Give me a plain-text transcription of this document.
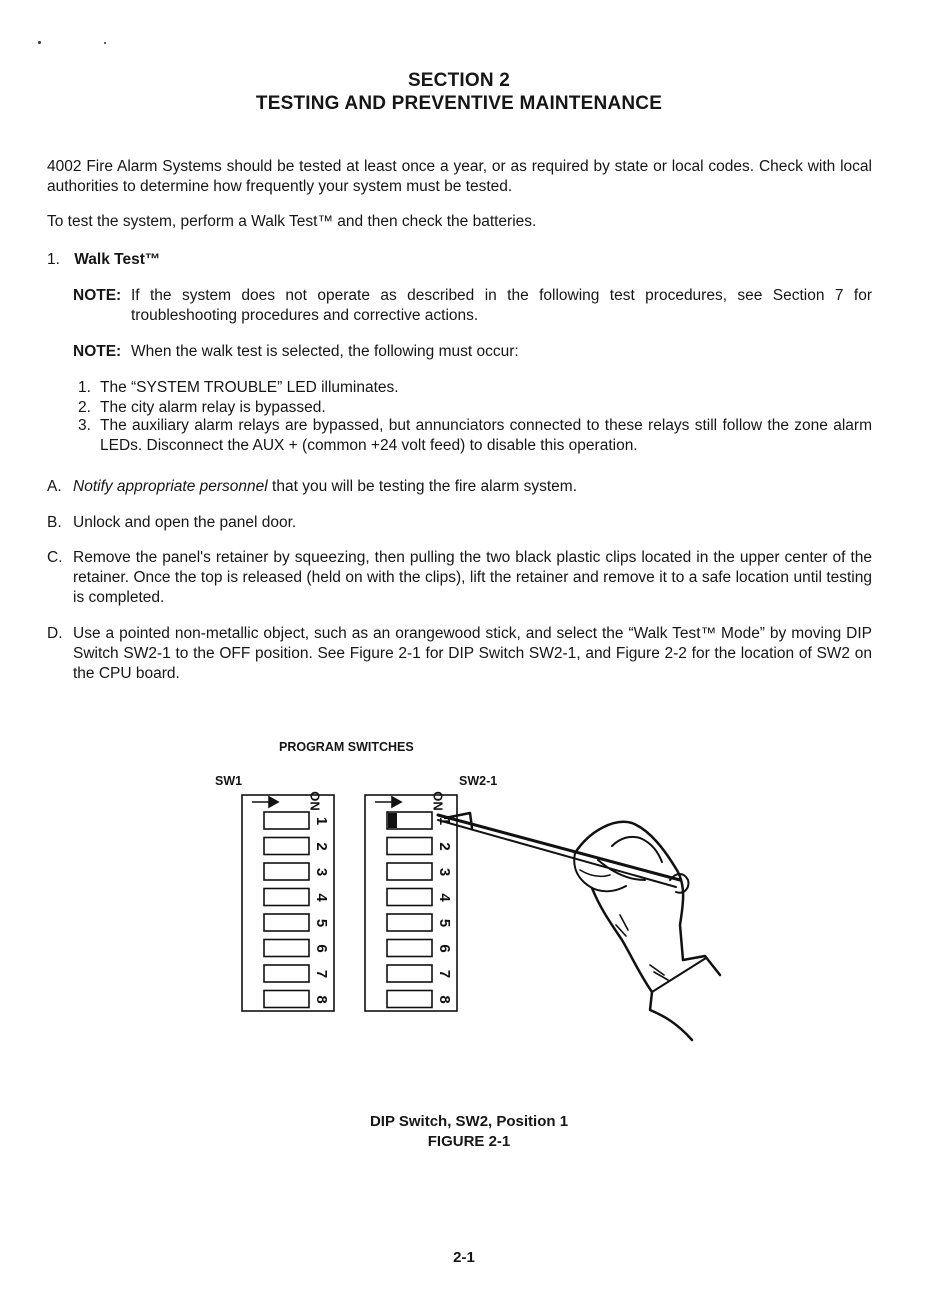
SECTION 2
TESTING AND PREVENTIVE MAINTENANCE
4002 Fire Alarm Systems should be tested at least once a year, or as required by state or local codes. Check with local authorities to determine how frequently your system must be tested.
To test the system, perform a Walk Test™ and then check the batteries.
1. Walk Test™
NOTE: If the system does not operate as described in the following test procedures, see Section 7 for troubleshooting procedures and corrective actions.
NOTE: When the walk test is selected, the following must occur:
1. The “SYSTEM TROUBLE” LED illuminates.
2. The city alarm relay is bypassed.
3. The auxiliary alarm relays are bypassed, but annunciators connected to these relays still follow the zone alarm LEDs. Disconnect the AUX + (common +24 volt feed) to disable this operation.
A. Notify appropriate personnel that you will be testing the fire alarm system.
B. Unlock and open the panel door.
C. Remove the panel's retainer by squeezing, then pulling the two black plastic clips located in the upper center of the retainer. Once the top is released (held on with the clips), lift the retainer and remove it to a safe location until testing is completed.
D. Use a pointed non-metallic object, such as an orangewood stick, and select the “Walk Test™ Mode” by moving DIP Switch SW2-1 to the OFF position. See Figure 2-1 for DIP Switch SW2-1, and Figure 2-2 for the location of SW2 on the CPU board.
PROGRAM SWITCHES
SW1	SW2-1
ON
1
2
3
4
5
6
7
8
ON
1
2
3
4
5
6
7
8
DIP Switch, SW2, Position 1
FIGURE 2-1
2-1
